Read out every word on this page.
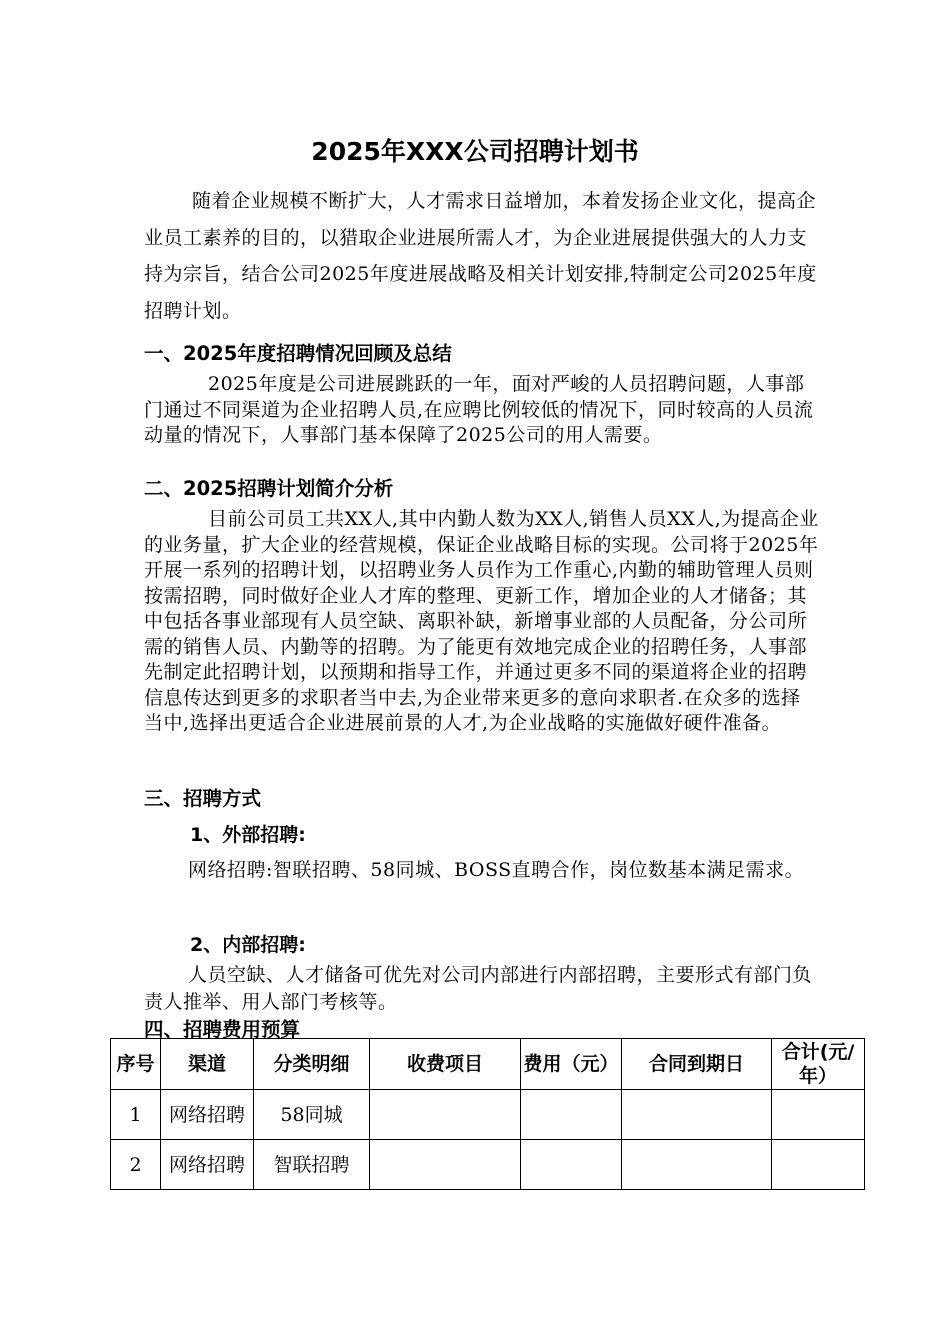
2025年XXX公司招聘计划书
随着企业规模不断扩大，人才需求日益增加，本着发扬企业文化，提高企业员工素养的目的，以猎取企业进展所需人才，为企业进展提供强大的人力支持为宗旨，结合公司2025年度进展战略及相关计划安排,特制定公司2025年度招聘计划。
一、2025年度招聘情况回顾及总结
2025年度是公司进展跳跃的一年，面对严峻的人员招聘问题，人事部门通过不同渠道为企业招聘人员,在应聘比例较低的情况下，同时较高的人员流动量的情况下，人事部门基本保障了2025公司的用人需要。
二、2025招聘计划简介分析
目前公司员工共XX人,其中内勤人数为XX人,销售人员XX人,为提高企业的业务量，扩大企业的经营规模，保证企业战略目标的实现。公司将于2025年开展一系列的招聘计划，以招聘业务人员作为工作重心,内勤的辅助管理人员则按需招聘，同时做好企业人才库的整理、更新工作，增加企业的人才储备；其中包括各事业部现有人员空缺、离职补缺，新增事业部的人员配备，分公司所需的销售人员、内勤等的招聘。为了能更有效地完成企业的招聘任务，人事部先制定此招聘计划，以预期和指导工作，并通过更多不同的渠道将企业的招聘信息传达到更多的求职者当中去,为企业带来更多的意向求职者.在众多的选择当中,选择出更适合企业进展前景的人才,为企业战略的实施做好硬件准备。
三、招聘方式
1、外部招聘:
网络招聘:智联招聘、58同城、BOSS直聘合作，岗位数基本满足需求。
2、内部招聘:
人员空缺、人才储备可优先对公司内部进行内部招聘，主要形式有部门负责人推举、用人部门考核等。
四、招聘费用预算
序号	渠道	分类明细	收费项目	费用（元）	合同到期日	合计(元/年）
1	网络招聘	58同城				
2	网络招聘	智联招聘				
